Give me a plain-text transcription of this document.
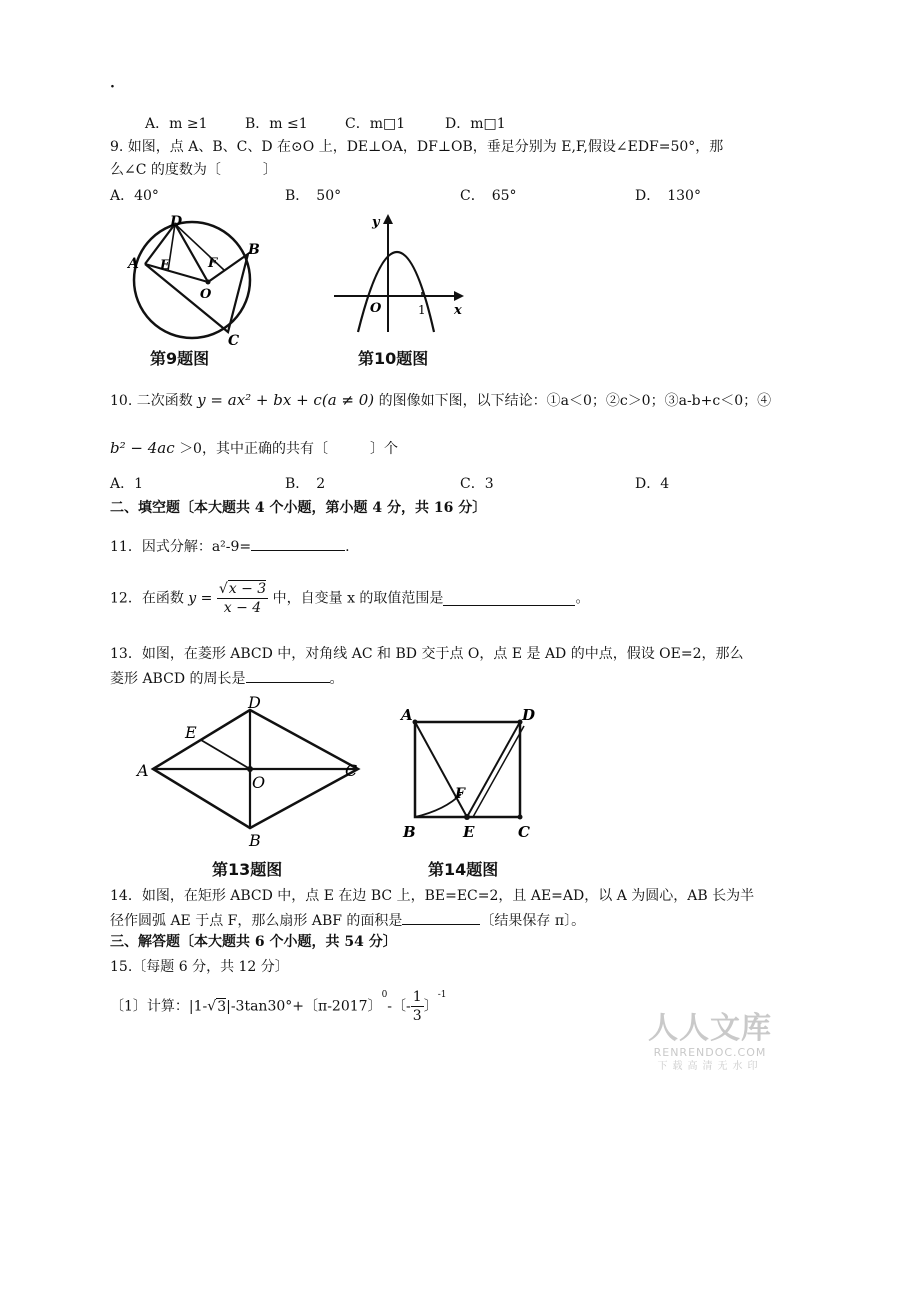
·
A．m ≥1	B．m ≤1	C．m□1	D．m□1
9. 如图，点 A、B、C、D 在⊙O 上，DE⊥OA，DF⊥OB，垂足分别为 E,F,假设∠EDF=50°，那
么∠C 的度数为〔　　　〕
A．40°	B．　50°	C．　65°	D．　130°
A
B
C
D
E	F
O
第9题图
y
x
O	1
第10题图
10. 二次函数 y = ax² + bx + c(a ≠ 0) 的图像如下图，以下结论：①a＜0；②c＞0；③a-b+c＜0；④
b² − 4ac ＞0，其中正确的共有〔　　　〕个
A．1	B．　2	C．3	D．4
二、填空题〔本大题共 4 个小题，第小题 4 分，共 16 分〕
11．因式分解：a²-9=	.
12．在函数 $y = \frac{√x - 3}{x - 4}$ 中，自变量 x 的取值范围是	。
13．如图，在菱形 ABCD 中，对角线 AC 和 BD 交于点 O，点 E 是 AD 的中点，假设 OE=2，那么
菱形 ABCD 的周长是	。
A
D
C
B
E
O
第13题图
A	D
B	E	C
F
第14题图
14．如图，在矩形 ABCD 中，点 E 在边 BC 上，BE=EC=2，且 AE=AD，以 A 为圆心，AB 长为半
径作圆弧 AE 于点 F，那么扇形 ABF 的面积是	〔结果保存 π〕。
三、解答题〔本大题共 6 个小题，共 54 分〕
15.〔每题 6 分，共 12 分〕
〔1〕计算：|1-√3|-3tan30°+〔π-2017〕$^0$-〔- $\frac{1}{3}$ 〕$^{-1}$
人人文库
RENRENDOC.COM
下载高清无水印
